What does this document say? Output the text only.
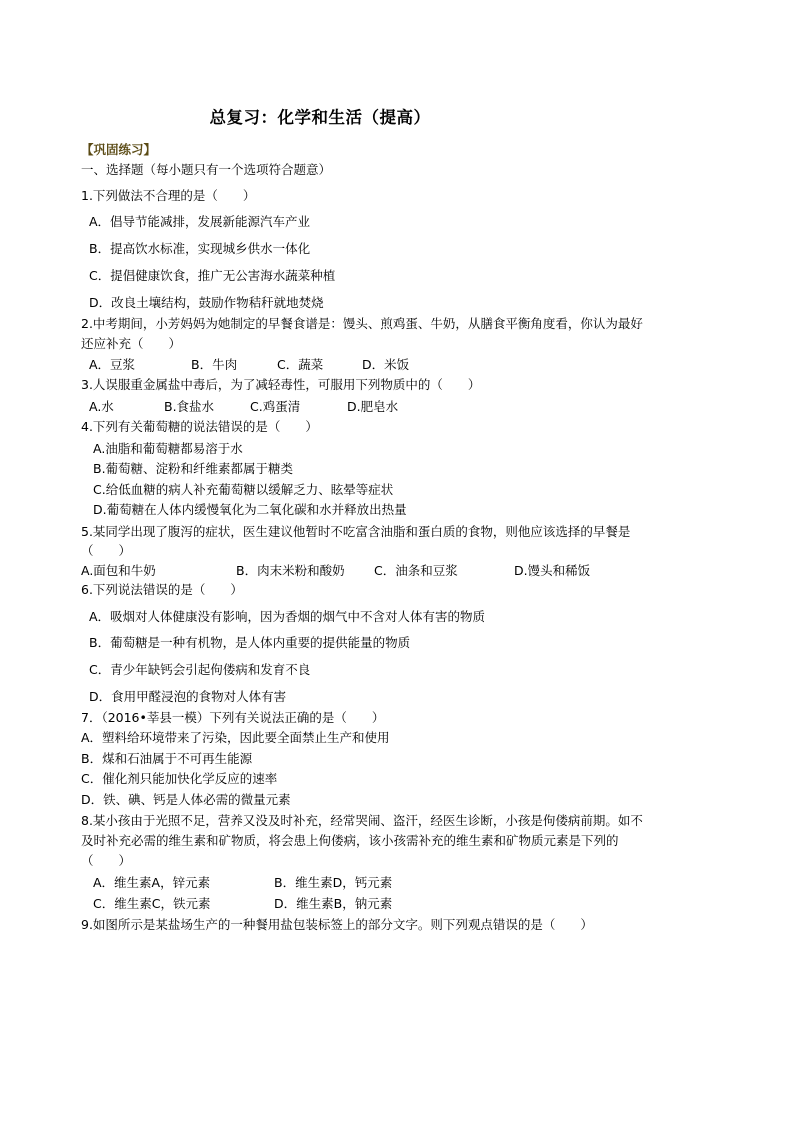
总复习：化学和生活（提高）
【巩固练习】
一、选择题（每小题只有一个选项符合题意）
1.下列做法不合理的是（　　）
A．倡导节能减排，发展新能源汽车产业
B．提高饮水标准，实现城乡供水一体化
C．提倡健康饮食，推广无公害海水蔬菜种植
D．改良土壤结构，鼓励作物秸秆就地焚烧
2.中考期间，小芳妈妈为她制定的早餐食谱是：馒头、煎鸡蛋、牛奶，从膳食平衡角度看，你认为最好
还应补充（　　）
A．豆浆	B．牛肉	C．蔬菜	D．米饭
3.人误服重金属盐中毒后，为了减轻毒性，可服用下列物质中的（　　）
A.水	B.食盐水	C.鸡蛋清	D.肥皂水
4.下列有关葡萄糖的说法错误的是（　　）
A.油脂和葡萄糖都易溶于水
B.葡萄糖、淀粉和纤维素都属于糖类
C.给低血糖的病人补充葡萄糖以缓解乏力、眩晕等症状
D.葡萄糖在人体内缓慢氧化为二氧化碳和水并释放出热量
5.某同学出现了腹泻的症状，医生建议他暂时不吃富含油脂和蛋白质的食物，则他应该选择的早餐是
（　　）
A.面包和牛奶	B．肉末米粉和酸奶 C．油条和豆浆	D.馒头和稀饭
6.下列说法错误的是（　　）
A．吸烟对人体健康没有影响，因为香烟的烟气中不含对人体有害的物质
B．葡萄糖是一种有机物，是人体内重要的提供能量的物质
C．青少年缺钙会引起佝偻病和发育不良
D．食用甲醛浸泡的食物对人体有害
7．（2016•莘县一模）下列有关说法正确的是（　　）
A．塑料给环境带来了污染，因此要全面禁止生产和使用
B．煤和石油属于不可再生能源
C．催化剂只能加快化学反应的速率
D．铁、碘、钙是人体必需的微量元素
8.某小孩由于光照不足，营养又没及时补充，经常哭闹、盗汗，经医生诊断，小孩是佝偻病前期。如不
及时补充必需的维生素和矿物质，将会患上佝偻病，该小孩需补充的维生素和矿物质元素是下列的
（　　）
A．维生素A，锌元素	B．维生素D，钙元素
C．维生素C，铁元素	D．维生素B，钠元素
9.如图所示是某盐场生产的一种餐用盐包装标签上的部分文字。则下列观点错误的是（　　）
